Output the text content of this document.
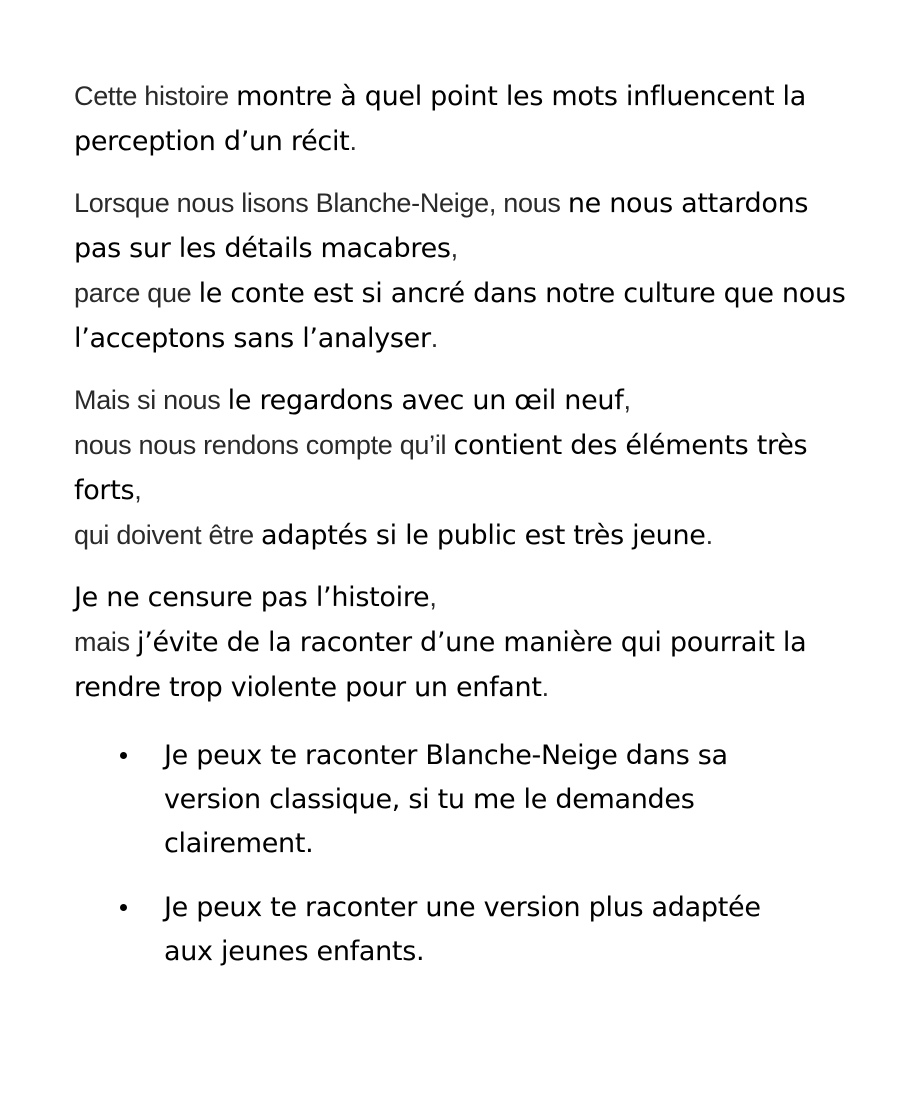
Cette histoire montre à quel point les mots influencent la perception d’un récit.

Lorsque nous lisons Blanche-Neige, nous ne nous attardons pas sur les détails macabres,
parce que le conte est si ancré dans notre culture que nous l’acceptons sans l’analyser.

Mais si nous le regardons avec un œil neuf,
nous nous rendons compte qu’il contient des éléments très forts,
qui doivent être adaptés si le public est très jeune.

Je ne censure pas l’histoire,
mais j’évite de la raconter d’une manière qui pourrait la rendre trop violente pour un enfant.

Je peux te raconter Blanche-Neige dans sa version classique, si tu me le demandes clairement.
Je peux te raconter une version plus adaptée aux jeunes enfants.
